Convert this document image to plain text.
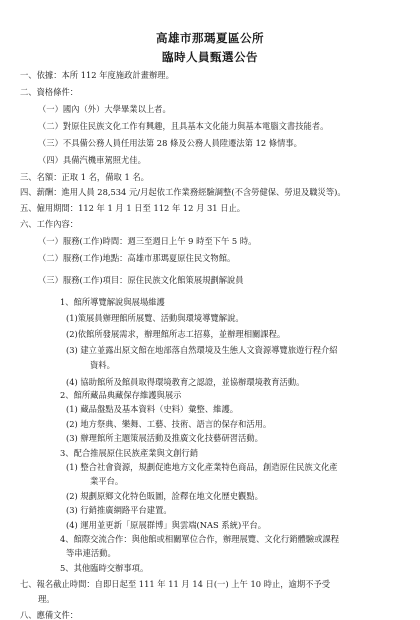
高雄市那瑪夏區公所
臨時人員甄選公告
一、依據：本所 112 年度施政計畫辦理。
二、資格條件：
（一）國內（外）大學畢業以上者。
（二）對原住民族文化工作有興趣，且具基本文化能力與基本電腦文書技能者。
（三）不具備公務人員任用法第 28 條及公務人員陞遷法第 12 條情事。
（四）具備汽機車駕照尤佳。
三、名額：正取 1 名，備取 1 名。
四、薪酬：進用人員 28,534 元/月起依工作業務經驗調整(不含勞健保、勞退及職災等)。
五、僱用期間：112 年 1 月 1 日至 112 年 12 月 31 日止。
六、工作內容：
（一）服務(工作)時間：週三至週日上午 9 時至下午 5 時。
（二）服務(工作)地點：高雄市那瑪夏原住民文物館。
（三）服務(工作)項目：原住民族文化館策展規劃解說員
1、館所導覽解說與展場維護
(1)策展員辦理館所展覽、活動與環境導覽解說。
(2)依館所發展需求，辦理館所志工招募，並辦理相關課程。
(3) 建立並露出原文館在地部落自然環境及生態人文資源導覽旅遊行程介紹
資料。
(4) 協助館所及館員取得環境教育之認證，並協辦環境教育活動。
2、館所藏品典藏保存維護與展示
(1) 藏品盤點及基本資料（史料）彙整、維護。
(2) 地方祭典、樂舞、工藝、技術、語言的保存和活用。
(3) 辦理館所主題策展活動及推廣文化技藝研習活動。
3、配合推展原住民族產業與文創行銷
(1) 整合社會資源，規劃促進地方文化產業特色商品，創造原住民族文化產
業平台。
(2) 規劃原鄉文化特色販圖，詮釋在地文化歷史觀點。
(3) 行銷推廣網路平台建置。
(4) 運用並更新「原展群博」與雲端(NAS 系統)平台。
4、館際交流合作：與他館或相關單位合作，辦理展覽、文化行銷體驗或課程
等串連活動。
5、其他臨時交辦事項。
七、報名截止時間：自即日起至 111 年 11 月 14 日(一) 上午 10 時止，逾期不予受
理。
八、應備文件：
